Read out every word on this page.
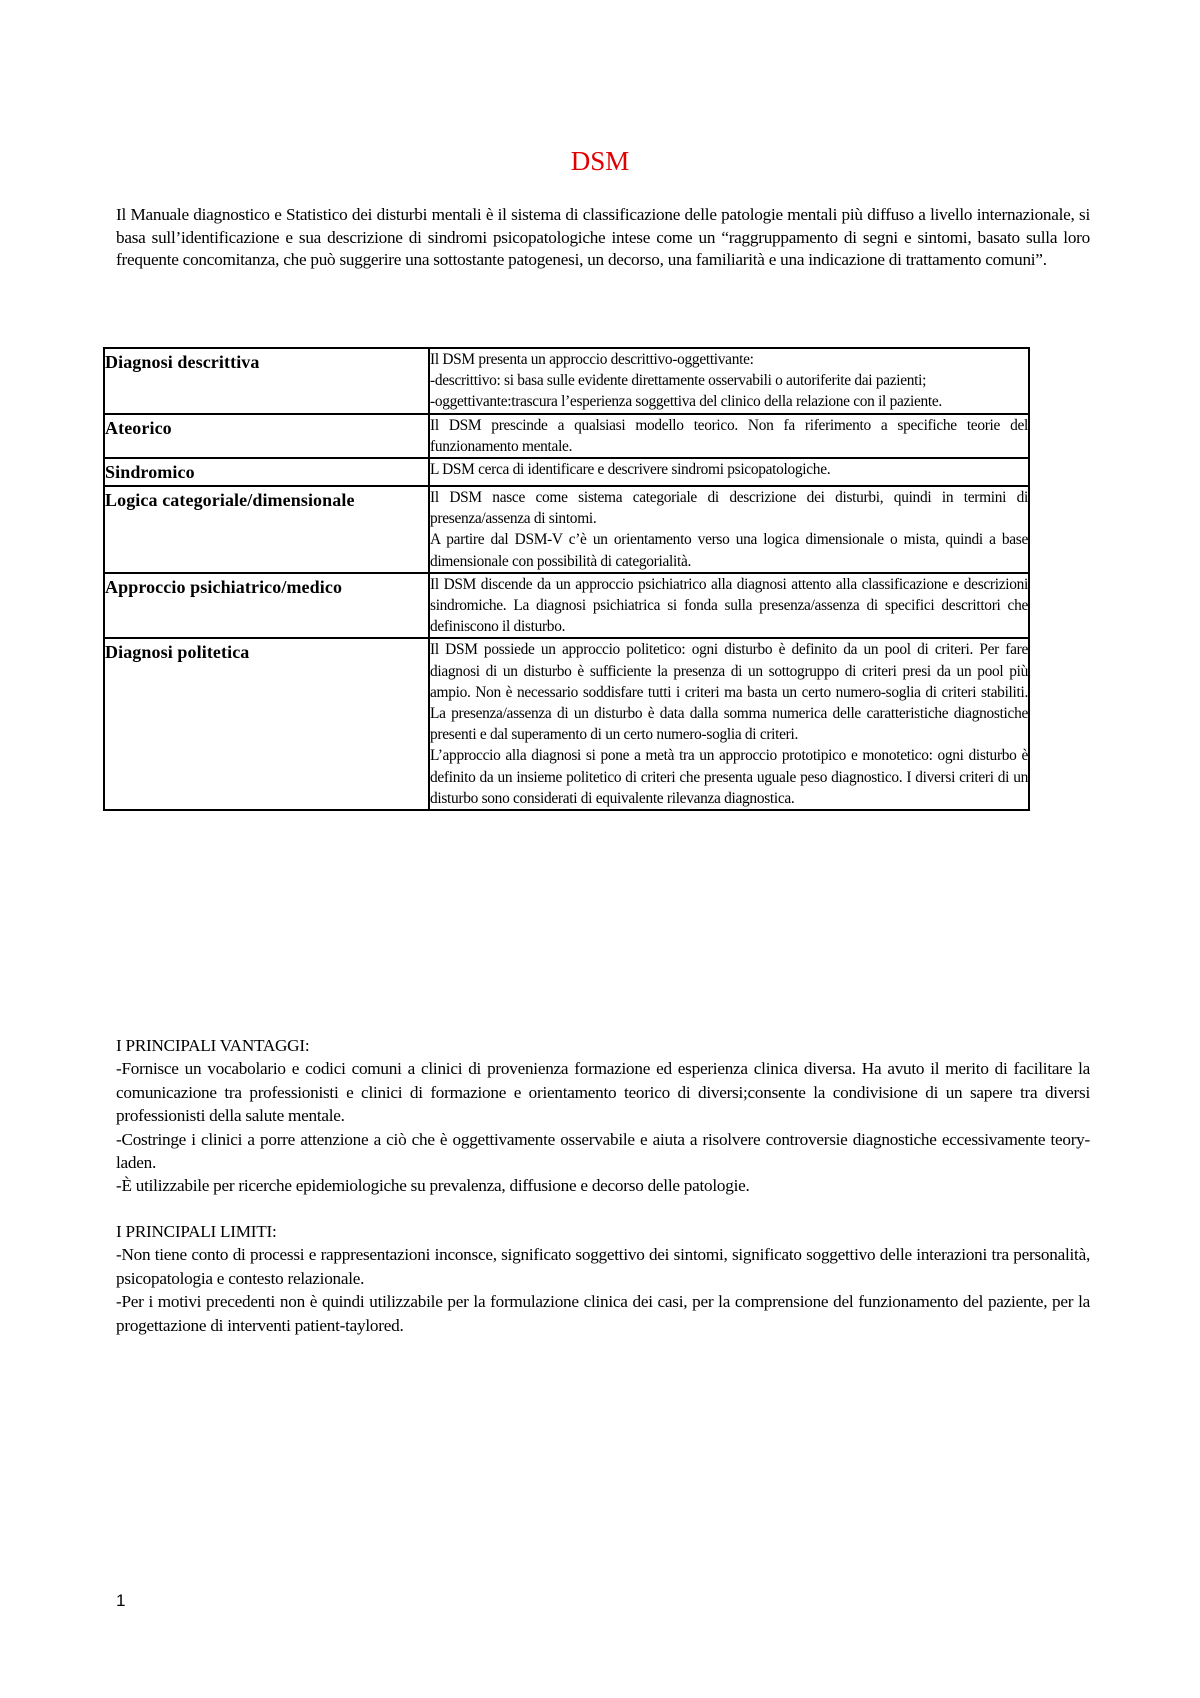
DSM

Il Manuale diagnostico e Statistico dei disturbi mentali è il sistema di classificazione delle patologie mentali più diffuso a livello internazionale, si basa sull’identificazione e sua descrizione di sindromi psicopatologiche intese come un “raggruppamento di segni e sintomi, basato sulla loro frequente concomitanza, che può suggerire una sottostante patogenesi, un decorso, una familiarità e una indicazione di trattamento comuni”.

Diagnosi descrittiva	Il DSM presenta un approccio descrittivo-oggettivante:

-descrittivo: si basa sulle evidente direttamente osservabili o autoriferite dai pazienti;

-oggettivante:trascura l’esperienza soggettiva del clinico della relazione con il paziente.

Ateorico	Il DSM prescinde a qualsiasi modello teorico. Non fa riferimento a specifiche teorie del funzionamento mentale.

Sindromico	L DSM cerca di identificare e descrivere sindromi psicopatologiche.

Logica categoriale/dimensionale	Il DSM nasce come sistema categoriale di descrizione dei disturbi, quindi in termini di presenza/assenza di sintomi.

A partire dal DSM-V c’è un orientamento verso una logica dimensionale o mista, quindi a base dimensionale con possibilità di categorialità.

Approccio psichiatrico/medico	Il DSM discende da un approccio psichiatrico alla diagnosi attento alla classificazione e descrizioni sindromiche. La diagnosi psichiatrica si fonda sulla presenza/assenza di specifici descrittori che definiscono il disturbo.

Diagnosi politetica	Il DSM possiede un approccio politetico: ogni disturbo è definito da un pool di criteri. Per fare diagnosi di un disturbo è sufficiente la presenza di un sottogruppo di criteri presi da un pool più ampio. Non è necessario soddisfare tutti i criteri ma basta un certo numero-soglia di criteri stabiliti. La presenza/assenza di un disturbo è data dalla somma numerica delle caratteristiche diagnostiche presenti e dal superamento di un certo numero-soglia di criteri.

L’approccio alla diagnosi si pone a metà tra un approccio prototipico e monotetico: ogni disturbo è definito da un insieme politetico di criteri che presenta uguale peso diagnostico. I diversi criteri di un disturbo sono considerati di equivalente rilevanza diagnostica.

I PRINCIPALI VANTAGGI:

-Fornisce un vocabolario e codici comuni a clinici di provenienza formazione ed esperienza clinica diversa. Ha avuto il merito di facilitare la comunicazione tra professionisti e clinici di formazione e orientamento teorico di diversi;consente la condivisione di un sapere tra diversi professionisti della salute mentale.

-Costringe i clinici a porre attenzione a ciò che è oggettivamente osservabile e aiuta a risolvere controversie diagnostiche eccessivamente teory-laden.

-È utilizzabile per ricerche epidemiologiche su prevalenza, diffusione e decorso delle patologie.

I PRINCIPALI LIMITI:

-Non tiene conto di processi e rappresentazioni inconsce, significato soggettivo dei sintomi, significato soggettivo delle interazioni tra personalità, psicopatologia e contesto relazionale.

-Per i motivi precedenti non è quindi utilizzabile per la formulazione clinica dei casi, per la comprensione del funzionamento del paziente, per la progettazione di interventi patient-taylored.

1
